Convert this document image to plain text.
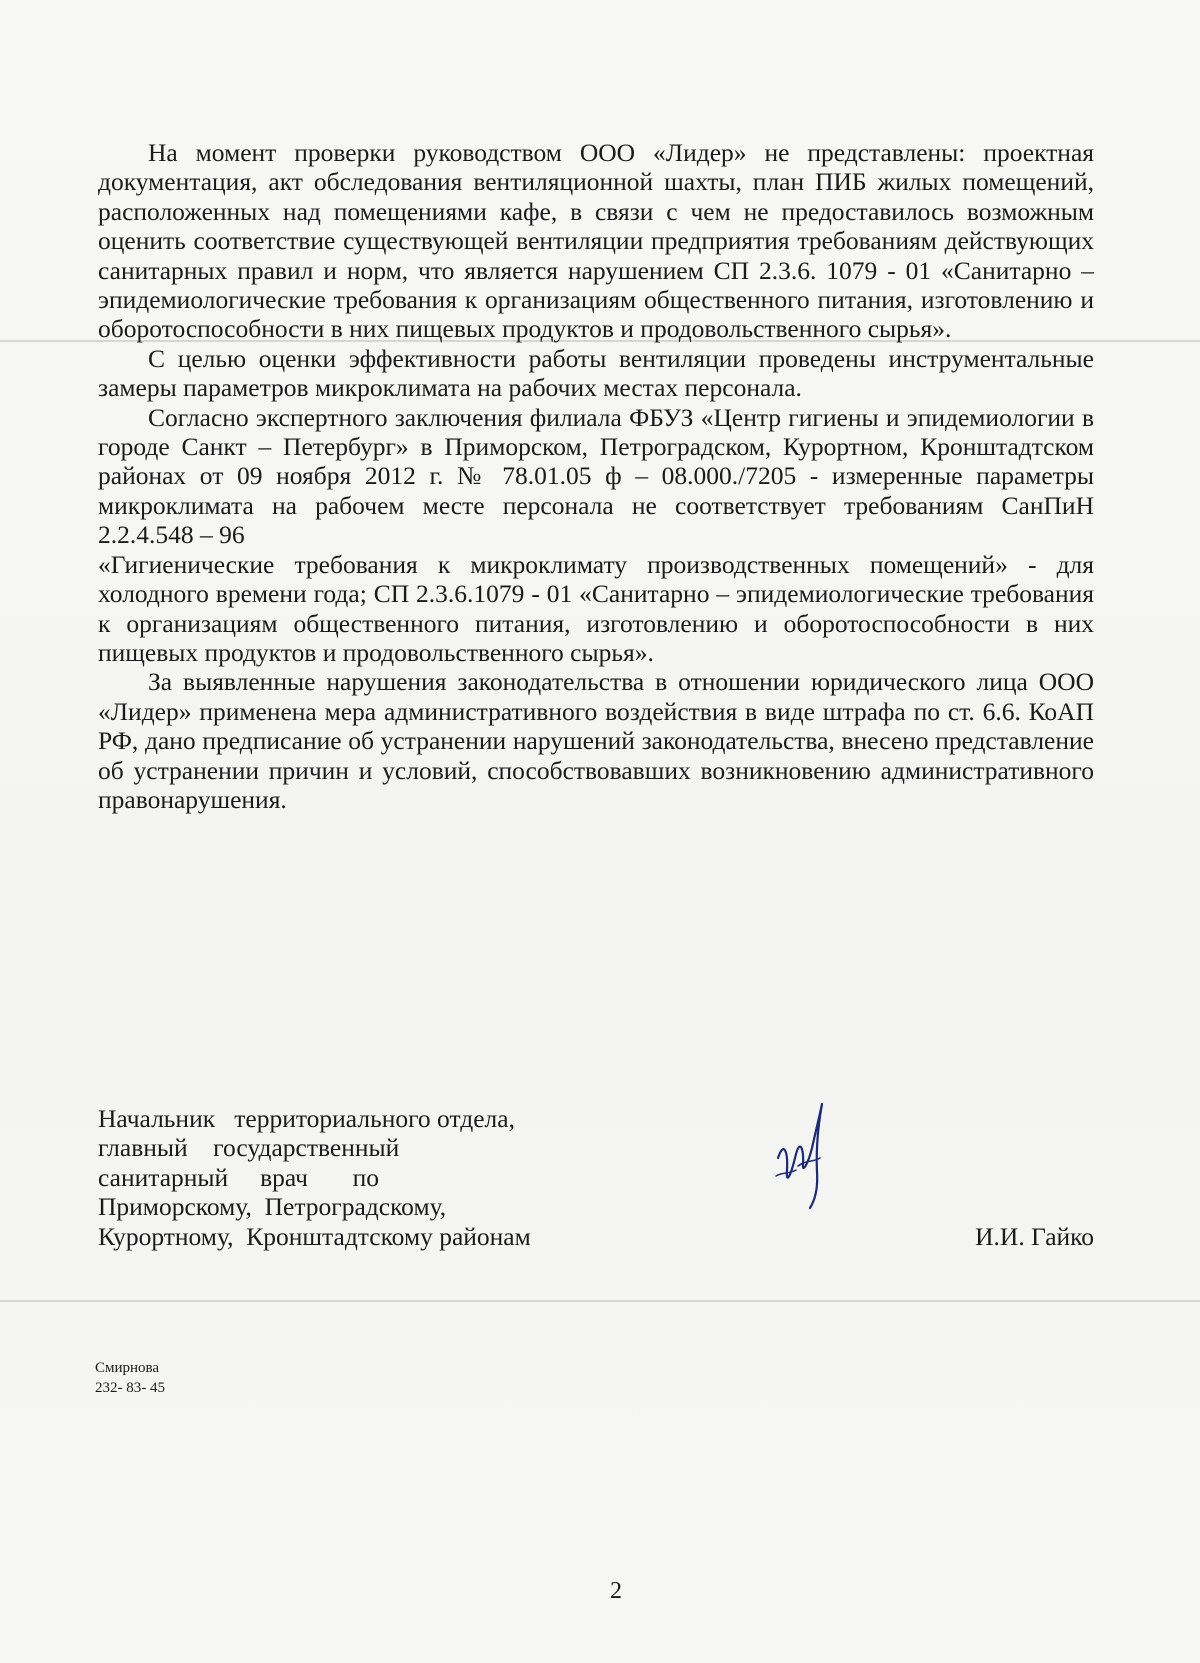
На момент проверки руководством ООО «Лидер» не представлены: проектная документация, акт обследования вентиляционной шахты, план ПИБ жилых помещений, расположенных над помещениями кафе, в связи с чем не предоставилось возможным оценить соответствие существующей вентиляции предприятия требованиям действующих санитарных правил и норм, что является нарушением СП 2.3.6. 1079 - 01 «Санитарно – эпидемиологические требования к организациям общественного питания, изготовлению и оборотоспособности в них пищевых продуктов и продовольственного сырья».

С целью оценки эффективности работы вентиляции проведены инструментальные замеры параметров микроклимата на рабочих местах персонала.

Согласно экспертного заключения филиала ФБУЗ «Центр гигиены и эпидемиологии в городе Санкт – Петербург» в Приморском, Петроградском, Курортном, Кронштадтском районах от 09 ноября 2012 г. № 78.01.05 ф – 08.000./7205 - измеренные параметры микроклимата на рабочем месте персонала не соответствует требованиям СанПиН 2.2.4.548 – 96

«Гигиенические требования к микроклимату производственных помещений» - для холодного времени года; СП 2.3.6.1079 - 01 «Санитарно – эпидемиологические требования к организациям общественного питания, изготовлению и оборотоспособности в них пищевых продуктов и продовольственного сырья».

За выявленные нарушения законодательства в отношении юридического лица ООО «Лидер» применена мера административного воздействия в виде штрафа по ст. 6.6. КоАП РФ, дано предписание об устранении нарушений законодательства, внесено представление об устранении причин и условий, способствовавших возникновению административного правонарушения.

Начальник   территориального отдела,
главный    государственный
санитарный     врач       по
Приморскому,  Петроградскому,
Курортному,  Кронштадтскому районам	И.И. Гайко
Смирнова
232- 83- 45
2
